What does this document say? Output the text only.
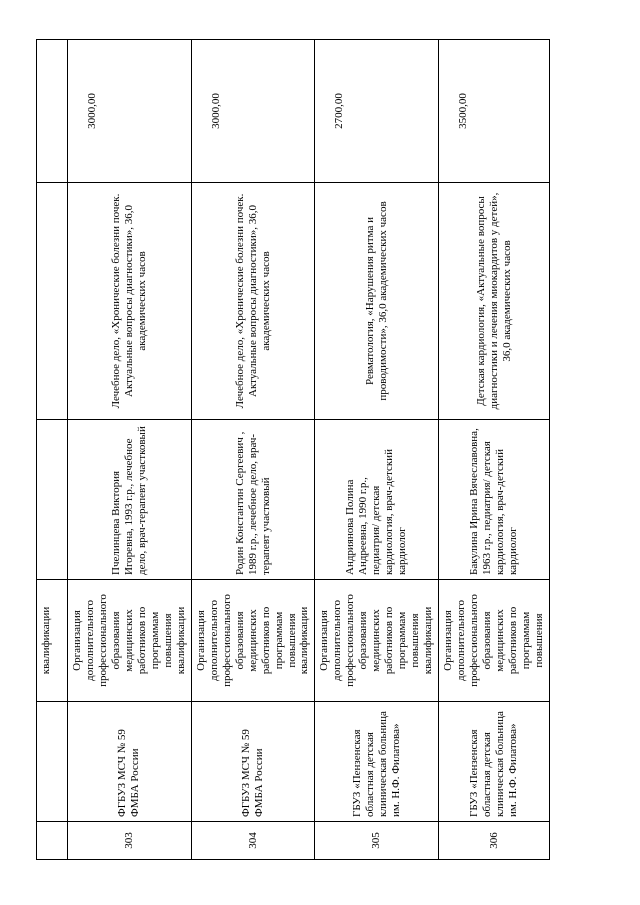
		квалификации			
303	ФГБУЗ МСЧ № 59 ФМБА России	Организация дополнительного профессионального образования медицинских работников по программам повышения квалификации	Пчелинцева Виктория Игоревна, 1993 г.р., лечебное дело, врач-терапевт участковый	Лечебное дело, «Хронические болезни почек. Актуальные вопросы диагностики», 36,0 академических часов	3000,00
304	ФГБУЗ МСЧ № 59 ФМБА России	Организация дополнительного профессионального образования медицинских работников по программам повышения квалификации	Родин Константин Сергеевич , 1989 г.р., лечебное дело, врач-терапевт участковый	Лечебное дело, «Хронические болезни почек. Актуальные вопросы диагностики», 36,0 академических часов	3000,00
305	ГБУЗ «Пензенская областная детская клиническая больница им. Н.Ф. Филатова»	Организация дополнительного профессионального образования медицинских работников по программам повышения квалификации	Андриянова Полина Андреевна, 1990 г.р., педиатрия/ детская кардиология, врач-детский кардиолог	Ревматология, «Нарушения ритма и проводимости», 36,0 академических часов	2700,00
306	ГБУЗ «Пензенская областная детская клиническая больница им. Н.Ф. Филатова»	Организация дополнительного профессионального образования медицинских работников по программам повышения	Бакулина Ирина Вячеславовна, 1963 г.р., педиатрия/ детская кардиология, врач-детский кардиолог	Детская кардиология, «Актуальные вопросы диагностики и лечения миокардитов у детей», 36,0 академических часов	3500,00
